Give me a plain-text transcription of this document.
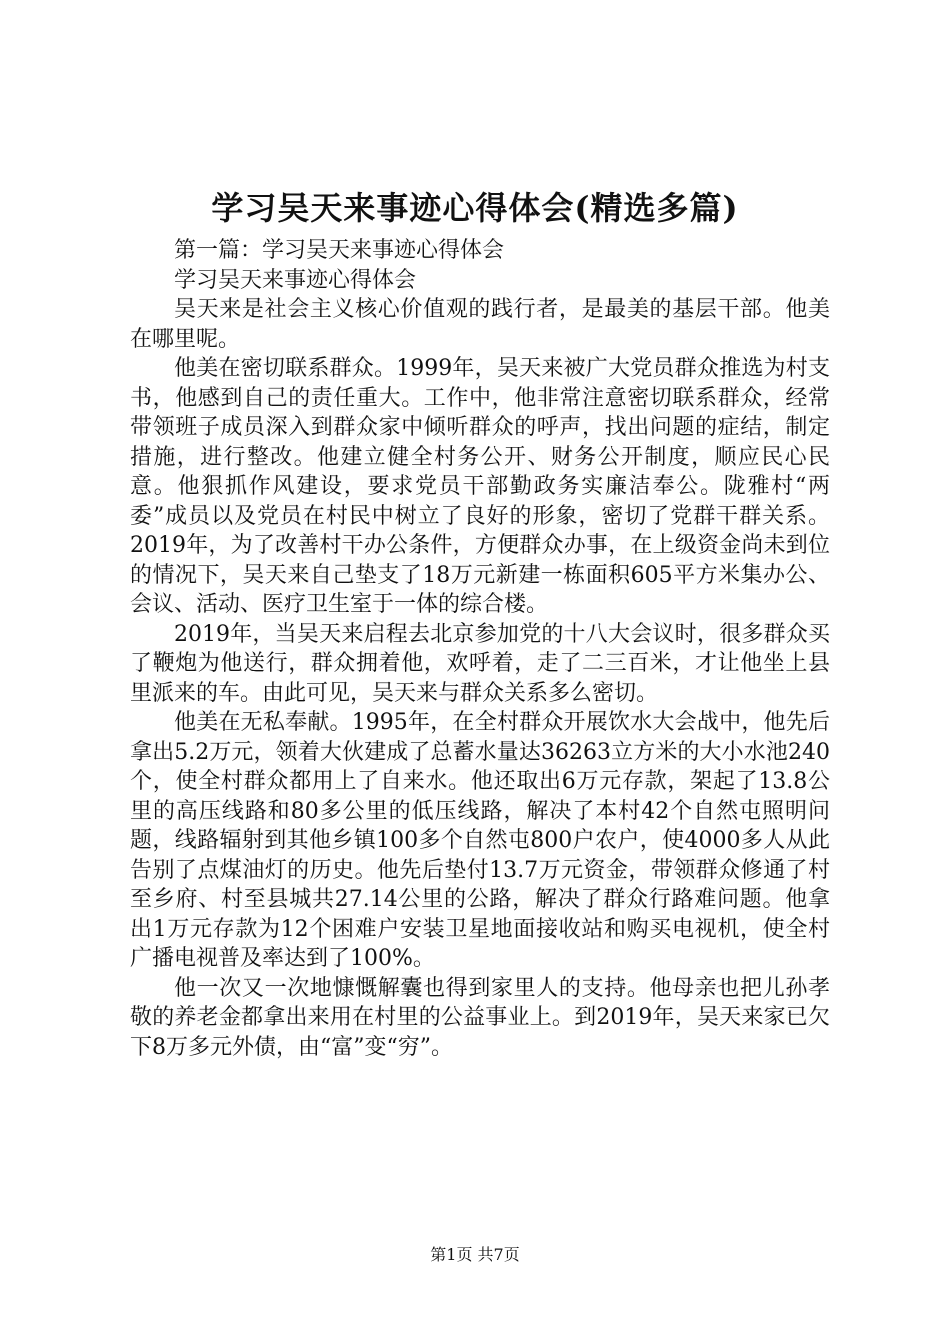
学习吴天来事迹心得体会(精选多篇)

第一篇：学习吴天来事迹心得体会

学习吴天来事迹心得体会

吴天来是社会主义核心价值观的践行者，是最美的基层干部。他美在哪里呢。

他美在密切联系群众。1999年，吴天来被广大党员群众推选为村支书，他感到自己的责任重大。工作中，他非常注意密切联系群众，经常带领班子成员深入到群众家中倾听群众的呼声，找出问题的症结，制定措施，进行整改。他建立健全村务公开、财务公开制度，顺应民心民意。他狠抓作风建设，要求党员干部勤政务实廉洁奉公。陇雅村“两委”成员以及党员在村民中树立了良好的形象，密切了党群干群关系。2019年，为了改善村干办公条件，方便群众办事，在上级资金尚未到位的情况下，吴天来自己垫支了18万元新建一栋面积605平方米集办公、会议、活动、医疗卫生室于一体的综合楼。

2019年，当吴天来启程去北京参加党的十八大会议时，很多群众买了鞭炮为他送行，群众拥着他，欢呼着，走了二三百米，才让他坐上县里派来的车。由此可见，吴天来与群众关系多么密切。

他美在无私奉献。1995年，在全村群众开展饮水大会战中，他先后拿出5.2万元，领着大伙建成了总蓄水量达36263立方米的大小水池240个，使全村群众都用上了自来水。他还取出6万元存款，架起了13.8公里的高压线路和80多公里的低压线路，解决了本村42个自然屯照明问题，线路辐射到其他乡镇100多个自然屯800户农户，使4000多人从此告别了点煤油灯的历史。他先后垫付13.7万元资金，带领群众修通了村至乡府、村至县城共27.14公里的公路，解决了群众行路难问题。他拿出1万元存款为12个困难户安装卫星地面接收站和购买电视机，使全村广播电视普及率达到了100%。

他一次又一次地慷慨解囊也得到家里人的支持。他母亲也把儿孙孝敬的养老金都拿出来用在村里的公益事业上。到2019年，吴天来家已欠下8万多元外债，由“富”变“穷”。

第1页 共7页
